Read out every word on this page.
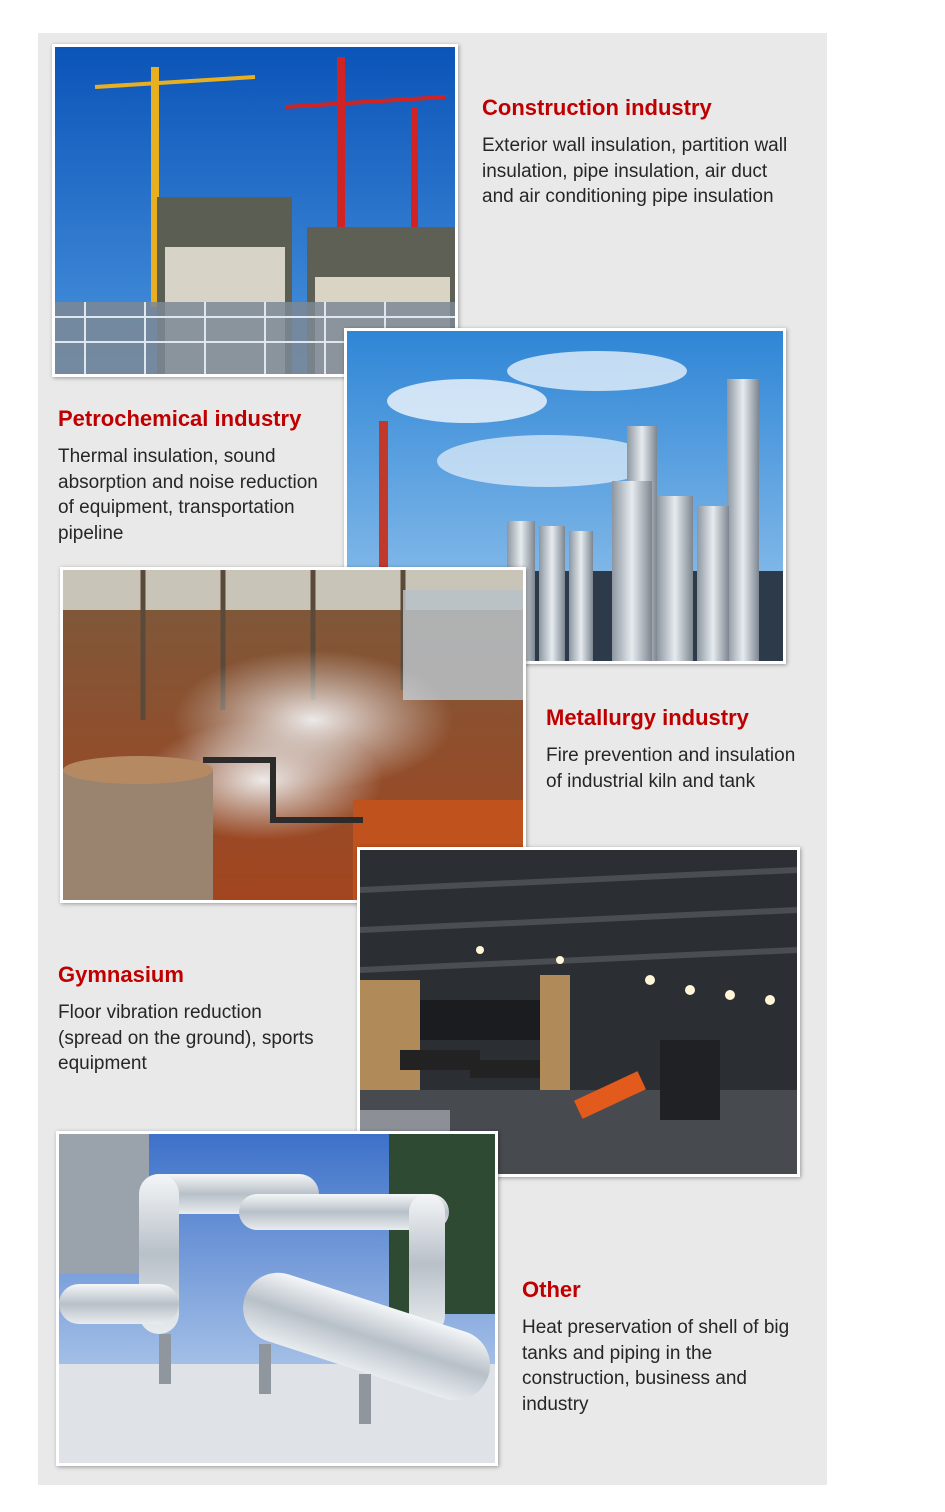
Construction industry

Exterior wall insulation, partition wall insulation, pipe insulation, air duct and air conditioning pipe insulation

Petrochemical industry

Thermal insulation, sound absorption and noise reduction of equipment, transportation pipeline

Metallurgy industry

Fire prevention and insulation of industrial kiln and tank

Gymnasium

Floor vibration reduction (spread on the ground), sports equipment

Other

Heat preservation of shell of big tanks and piping in the construction, business and industry
